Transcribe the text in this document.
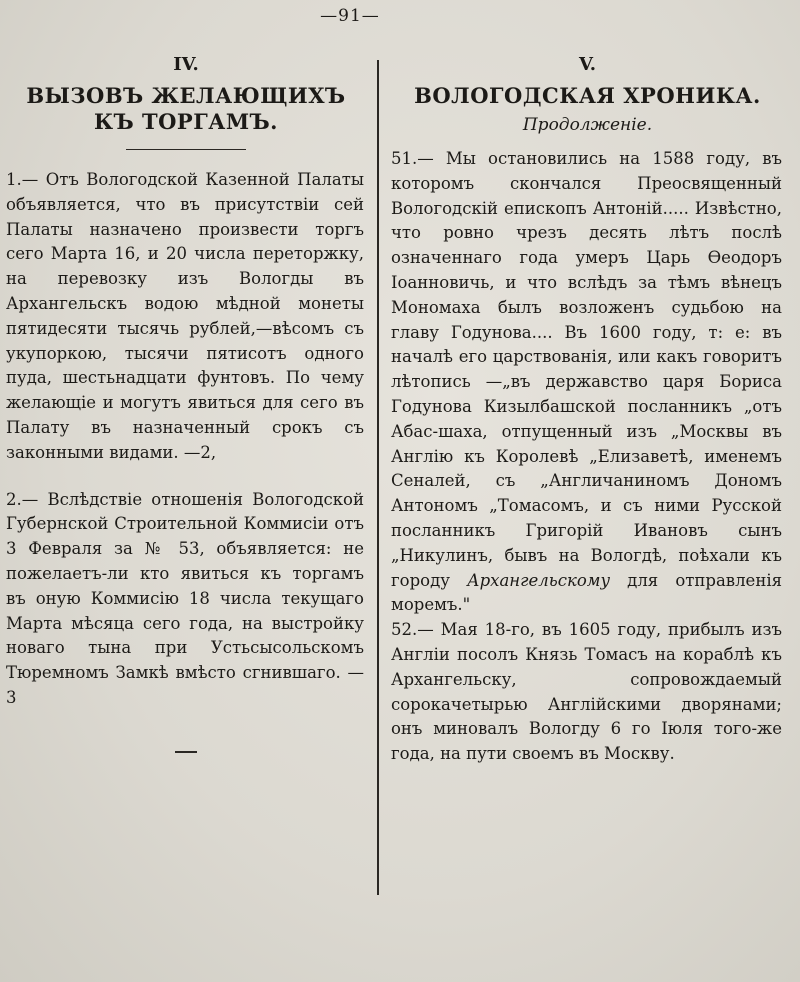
—91—
IV.
ВЫЗОВЪ ЖЕЛАЮЩИХЪ КЪ ТОРГАМЪ.

1.— Отъ Вологодской Казенной Палаты объявляется, что въ присутствіи сей Палаты назначено произвести торгъ сего Марта 16, и 20 числа переторжку, на перевозку изъ Вологды въ Архангельскъ водою мѣдной монеты пятидесяти тысячь рублей,—вѣсомъ съ укупоркою, тысячи пятисотъ одного пуда, шестьнадцати фунтовъ. По чему желающіе и могутъ явиться для сего въ Палату въ назначенный срокъ съ законными видами. —2,

2.— Вслѣдствіе отношенія Вологодской Губернской Строительной Коммисіи отъ 3 Февраля за № 53, объявляется: не пожелаетъ-ли кто явиться къ торгамъ въ оную Коммисію 18 числа текущаго Марта мѣсяца сего года, на выстройку новаго тына при Устьсысольскомъ Тюремномъ Замкѣ вмѣсто сгнившаго. —3

V.
ВОЛОГОДСКАЯ ХРОНИКА.
Продолженіе.

51.— Мы остановились на 1588 году, въ которомъ скончался Преосвященный Вологодскій епископъ Антоній..... Извѣстно, что ровно чрезъ десять лѣтъ послѣ означеннаго года умеръ Царь Ѳеодоръ Іоанновичь, и что вслѣдъ за тѣмъ вѣнецъ Мономаха былъ возложенъ судьбою на главу Годунова.... Въ 1600 году, т: е: въ началѣ его царствованія, или какъ говоритъ лѣтопись —„въ державство царя Бориса Годунова Кизылбашской посланникъ „отъ Абас-шаха, отпущенный изъ „Москвы въ Англію къ Королевѣ „Елизаветѣ, именемъ Сеналей, съ „Англичаниномъ Дономъ Антономъ „Томасомъ, и съ ними Русской посланникъ Григорій Ивановъ сынъ „Никулинъ, бывъ на Вологдѣ, поѣхали къ городу Архангельскому для отправленія моремъ."

52.— Мая 18-го, въ 1605 году, прибылъ изъ Англіи посолъ Князь Томасъ на кораблѣ къ Архангельску, сопровождаемый сорокачетырью Англійскими дворянами; онъ миновалъ Вологду 6 го Іюля того-же года, на пути своемъ въ Москву.
